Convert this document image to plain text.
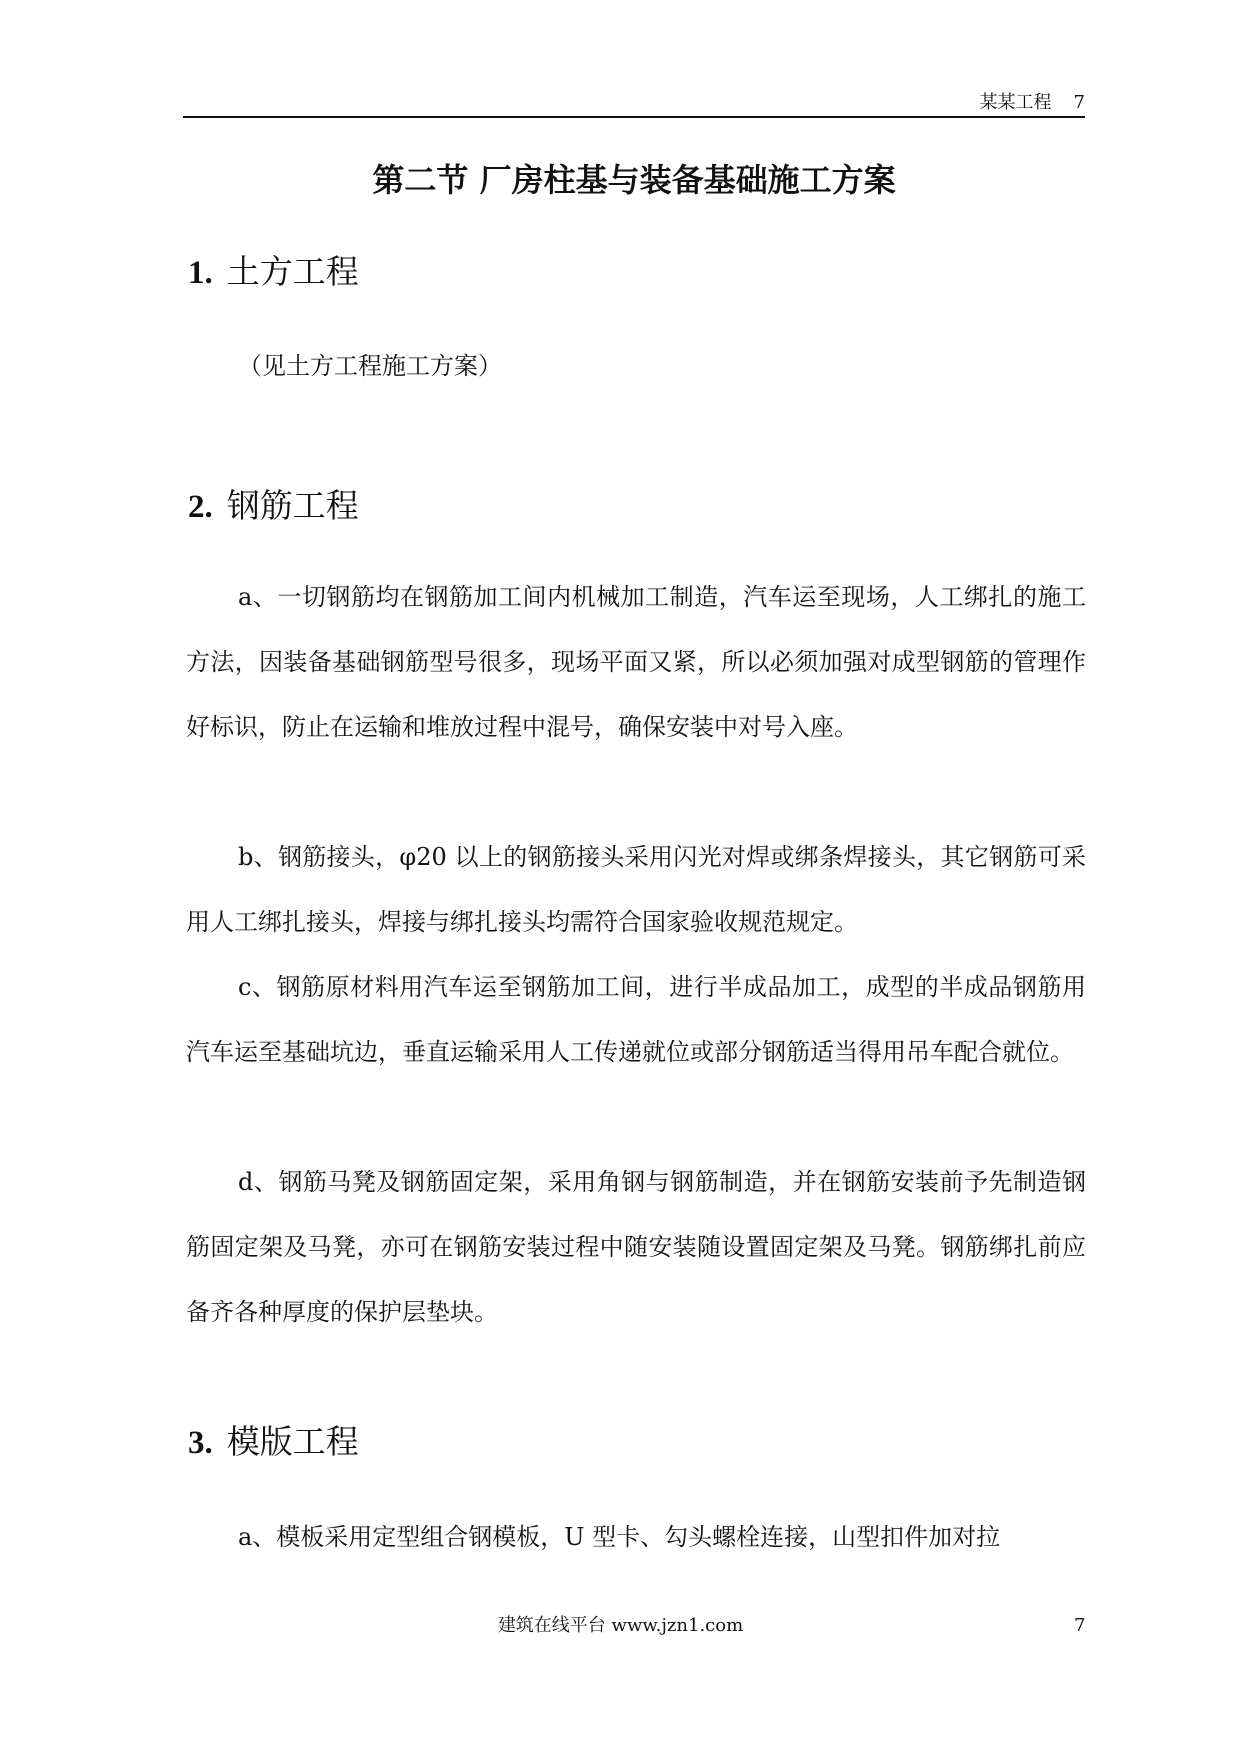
某某工程 7
第二节 厂房柱基与装备基础施工方案
1. 土方工程

（见土方工程施工方案）

2. 钢筋工程

a、一切钢筋均在钢筋加工间内机械加工制造，汽车运至现场，人工绑扎的施工方法，因装备基础钢筋型号很多，现场平面又紧，所以必须加强对成型钢筋的管理作好标识，防止在运输和堆放过程中混号，确保安装中对号入座。

b、钢筋接头，φ20 以上的钢筋接头采用闪光对焊或绑条焊接头，其它钢筋可采用人工绑扎接头，焊接与绑扎接头均需符合国家验收规范规定。

c、钢筋原材料用汽车运至钢筋加工间，进行半成品加工，成型的半成品钢筋用汽车运至基础坑边，垂直运输采用人工传递就位或部分钢筋适当得用吊车配合就位。

d、钢筋马凳及钢筋固定架，采用角钢与钢筋制造，并在钢筋安装前予先制造钢筋固定架及马凳，亦可在钢筋安装过程中随安装随设置固定架及马凳。钢筋绑扎前应备齐各种厚度的保护层垫块。

3. 模版工程

a、模板采用定型组合钢模板，U 型卡、勾头螺栓连接，山型扣件加对拉

建筑在线平台 www.jzn1.com	7
